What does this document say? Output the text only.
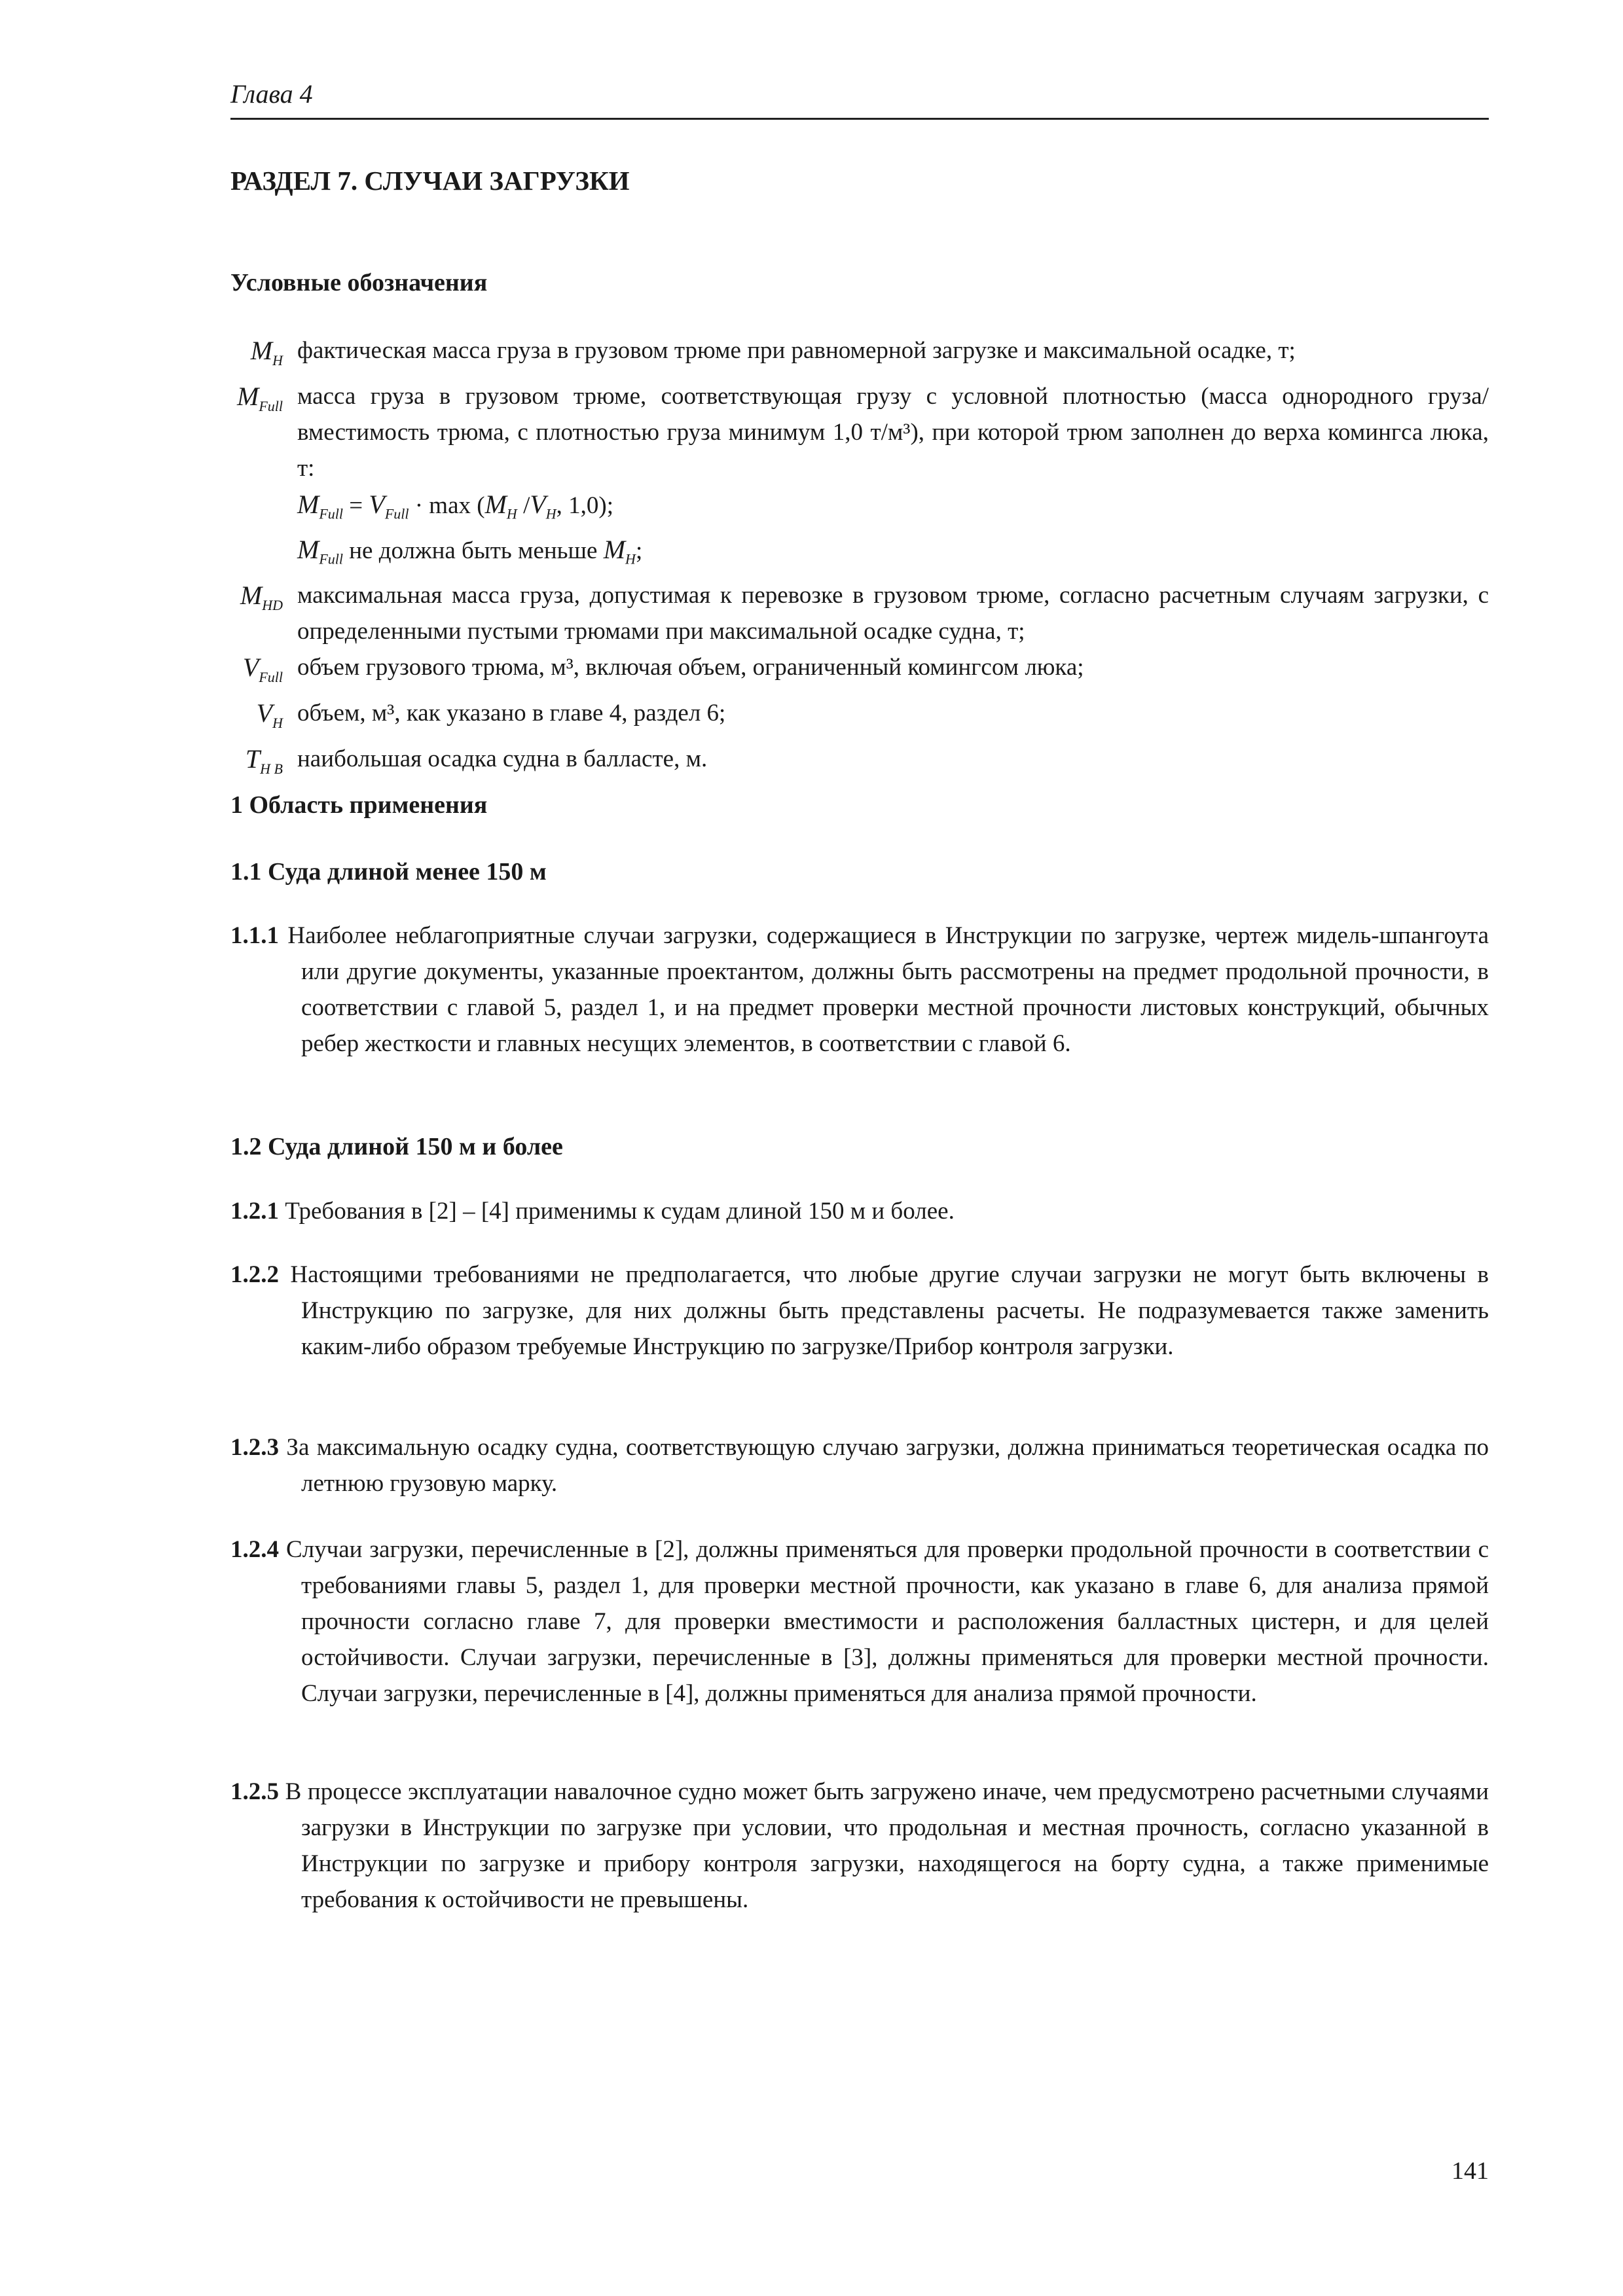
Глава 4
РАЗДЕЛ 7. СЛУЧАИ ЗАГРУЗКИ
Условные обозначения
$M_H$ фактическая масса груза в грузовом трюме при равномерной загрузке и максимальной осадке, т;
$M_{Full}$ масса груза в грузовом трюме, соответствующая грузу с условной плотностью (масса однородного груза/вместимость трюма, с плотностью груза минимум 1,0 т/м³), при которой трюм заполнен до верха комингса люка, т:
$M_{Full} = V_{Full} \cdot \max (M_H$ $/V_H$, 1,0);
$M_{Full}$ не должна быть меньше $M_H$;
$M_{HD}$ максимальная масса груза, допустимая к перевозке в грузовом трюме, согласно расчетным случаям загрузки, с определенными пустыми трюмами при максимальной осадке судна, т;
$V_{Full}$ объем грузового трюма, м³, включая объем, ограниченный комингсом люка;
$V_H$ объем, м³, как указано в главе 4, раздел 6;
$T_{H B}$ наибольшая осадка судна в балласте, м.
1 Область применения
1.1 Суда длиной менее 150 м

1.1.1 Наиболее неблагоприятные случаи загрузки, содержащиеся в Инструкции по загрузке, чертеж мидель-шпангоута или другие документы, указанные проектантом, должны быть рассмотрены на предмет продольной прочности, в соответствии с главой 5, раздел 1, и на предмет проверки местной прочности листовых конструкций, обычных ребер жесткости и главных несущих элементов, в соответствии с главой 6.

1.2 Суда длиной 150 м и более

1.2.1 Требования в [2] – [4] применимы к судам длиной 150 м и более.

1.2.2 Настоящими требованиями не предполагается, что любые другие случаи загрузки не могут быть включены в Инструкцию по загрузке, для них должны быть представлены расчеты. Не подразумевается также заменить каким-либо образом требуемые Инструкцию по загрузке/Прибор контроля загрузки.

1.2.3 За максимальную осадку судна, соответствующую случаю загрузки, должна приниматься теоретическая осадка по летнюю грузовую марку.

1.2.4 Случаи загрузки, перечисленные в [2], должны применяться для проверки продольной прочности в соответствии с требованиями главы 5, раздел 1, для проверки местной прочности, как указано в главе 6, для анализа прямой прочности согласно главе 7, для проверки вместимости и расположения балластных цистерн, и для целей остойчивости. Случаи загрузки, перечисленные в [3], должны применяться для проверки местной прочности. Случаи загрузки, перечисленные в [4], должны применяться для анализа прямой прочности.

1.2.5 В процессе эксплуатации навалочное судно может быть загружено иначе, чем предусмотрено расчетными случаями загрузки в Инструкции по загрузке при условии, что продольная и местная прочность, согласно указанной в Инструкции по загрузке и прибору контроля загрузки, находящегося на борту судна, а также применимые требования к остойчивости не превышены.

141
